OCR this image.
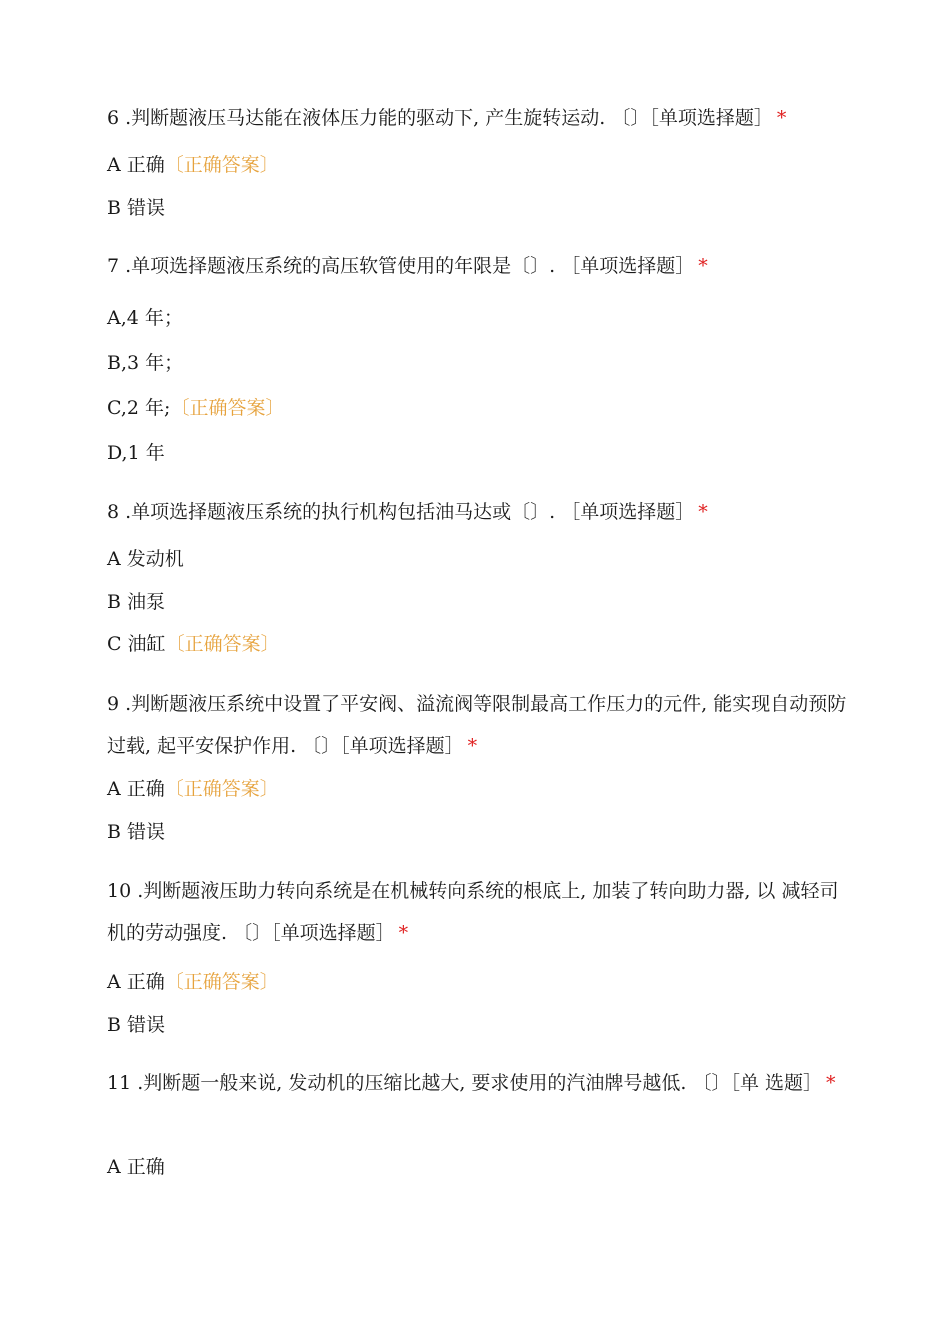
6 .判断题液压马达能在液体压力能的驱动下, 产生旋转运动. 〔〕［单项选择题］ *
A 正确〔正确答案〕
B 错误
7 .单项选择题液压系统的高压软管使用的年限是〔〕. ［单项选择题］ *
A,4 年；
B,3 年；
C,2 年;〔正确答案〕
D,1 年
8 .单项选择题液压系统的执行机构包括油马达或〔〕. ［单项选择题］ *
A 发动机
B 油泵
C 油缸〔正确答案〕
9 .判断题液压系统中设置了平安阀、溢流阀等限制最高工作压力的元件, 能实现自动预防过载, 起平安保护作用. 〔〕［单项选择题］ *
A 正确〔正确答案〕
B 错误
10 .判断题液压助力转向系统是在机械转向系统的根底上, 加装了转向助力器, 以 减轻司机的劳动强度. 〔〕［单项选择题］ *
A 正确〔正确答案〕
B 错误
11 .判断题一般来说, 发动机的压缩比越大, 要求使用的汽油牌号越低. 〔〕［单 选题］ *
A 正确
